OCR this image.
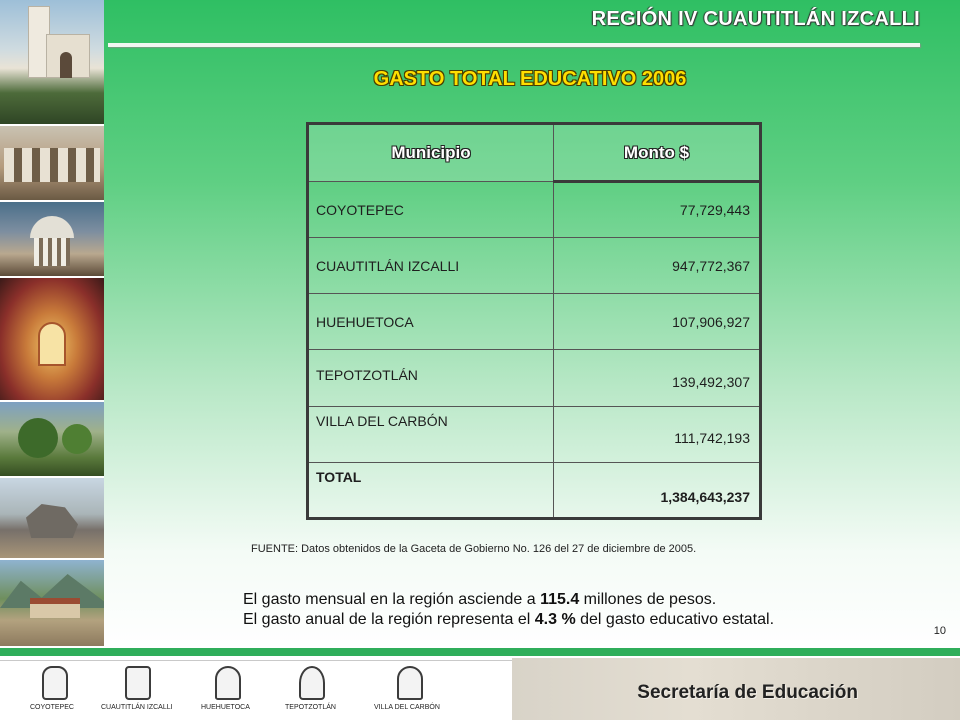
REGIÓN IV CUAUTITLÁN IZCALLI
GASTO TOTAL EDUCATIVO 2006
Municipio	Monto $
COYOTEPEC	77,729,443
CUAUTITLÁN IZCALLI	947,772,367
HUEHUETOCA	107,906,927
TEPOTZOTLÁN	139,492,307
VILLA DEL CARBÓN	111,742,193
TOTAL	1,384,643,237
FUENTE: Datos obtenidos de la Gaceta de Gobierno No. 126 del 27 de diciembre de 2005.
El gasto mensual en la región asciende a 115.4 millones de pesos.
El gasto anual de la región representa el 4.3 % del gasto educativo estatal.
10
COYOTEPEC	CUAUTITLÁN IZCALLI	HUEHUETOCA	TEPOTZOTLÁN	VILLA DEL CARBÓN
Secretaría de Educación
